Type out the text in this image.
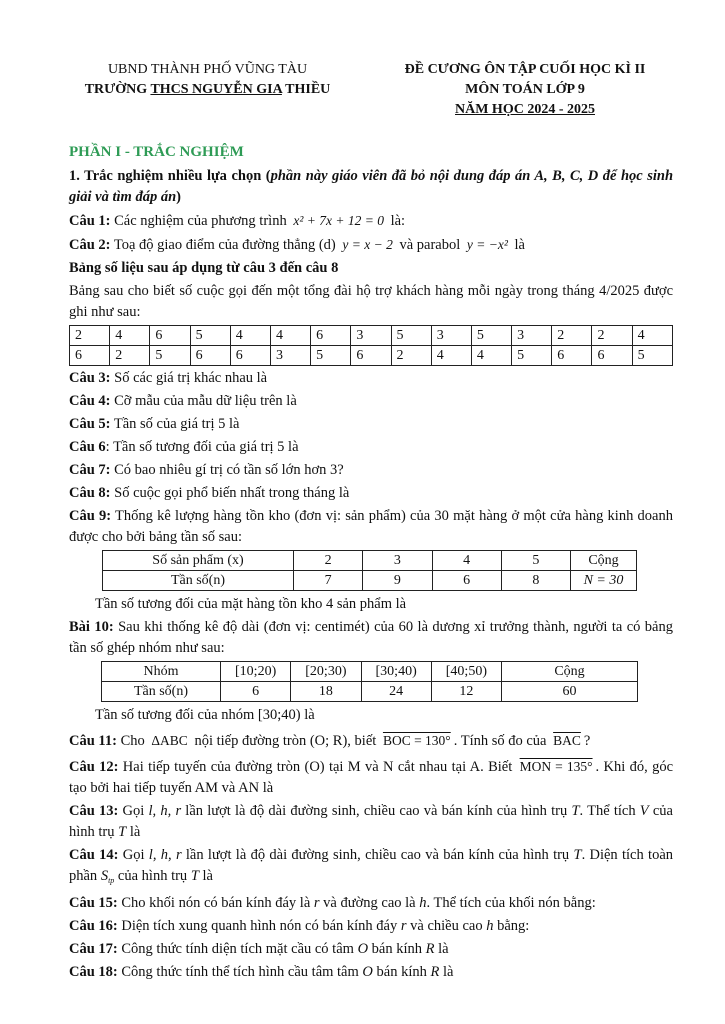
UBND THÀNH PHỐ VŨNG TÀU
TRƯỜNG THCS NGUYỄN GIA THIỀU
ĐỀ CƯƠNG ÔN TẬP CUỐI HỌC KÌ II
MÔN TOÁN LỚP 9
NĂM HỌC 2024 - 2025
PHẦN I - TRẮC NGHIỆM
1. Trắc nghiệm nhiều lựa chọn (phần này giáo viên đã bỏ nội dung đáp án A, B, C, D để học sinh giải và tìm đáp án)
Câu 1: Các nghiệm của phương trình x² + 7x + 12 = 0 là:
Câu 2: Toạ độ giao điểm của đường thẳng (d) y = x − 2 và parabol y = −x² là
Bảng số liệu sau áp dụng từ câu 3 đến câu 8
Bảng sau cho biết số cuộc gọi đến một tổng đài hộ trợ khách hàng mỗi ngày trong tháng 4/2025 được ghi như sau:
2	4	6	5	4	4	6	3	5	3	5	3	2	2	4
6	2	5	6	6	3	5	6	2	4	4	5	6	6	5
Câu 3: Số các giá trị khác nhau là
Câu 4: Cỡ mẫu của mẫu dữ liệu trên là
Câu 5: Tần số của giá trị 5 là
Câu 6: Tần số tương đối của giá trị 5 là
Câu 7: Có bao nhiêu gí trị có tần số lớn hơn 3?
Câu 8: Số cuộc gọi phổ biến nhất trong tháng là
Câu 9: Thống kê lượng hàng tồn kho (đơn vị: sản phẩm) của 30 mặt hàng ở một cửa hàng kinh doanh được cho bởi bảng tần số sau:
Số sản phẩm (x)	2	3	4	5	Cộng
Tần số(n)	7	9	6	8	N = 30
Tần số tương đối của mặt hàng tồn kho 4 sản phẩm là
Bài 10: Sau khi thống kê độ dài (đơn vị: centimét) của 60 là dương xỉ trưởng thành, người ta có bảng tần số ghép nhóm như sau:
Nhóm	[10;20)	[20;30)	[30;40)	[40;50)	Cộng
Tần số(n)	6	18	24	12	60
Tần số tương đối của nhóm [30;40) là
Câu 11: Cho ΔABC nội tiếp đường tròn (O; R), biết BOC = 130° . Tính số đo của $\overline{BAC}$ ?
Câu 12: Hai tiếp tuyến của đường tròn (O) tại M và N cắt nhau tại A. Biết MON = 135° . Khi đó, góc tạo bởi hai tiếp tuyến AM và AN là
Câu 13: Gọi l, h, r lần lượt là độ dài đường sinh, chiều cao và bán kính của hình trụ T. Thể tích V của hình trụ T là
Câu 14: Gọi l, h, r lần lượt là độ dài đường sinh, chiều cao và bán kính của hình trụ T. Diện tích toàn phần $S_{tp}$ của hình trụ T là
Câu 15: Cho khối nón có bán kính đáy là r và đường cao là h. Thể tích của khối nón bằng:
Câu 16: Diện tích xung quanh hình nón có bán kính đáy r và chiều cao h bằng:
Câu 17: Công thức tính diện tích mặt cầu có tâm O bán kính R là
Câu 18: Công thức tính thể tích hình cầu tâm tâm O bán kính R là
